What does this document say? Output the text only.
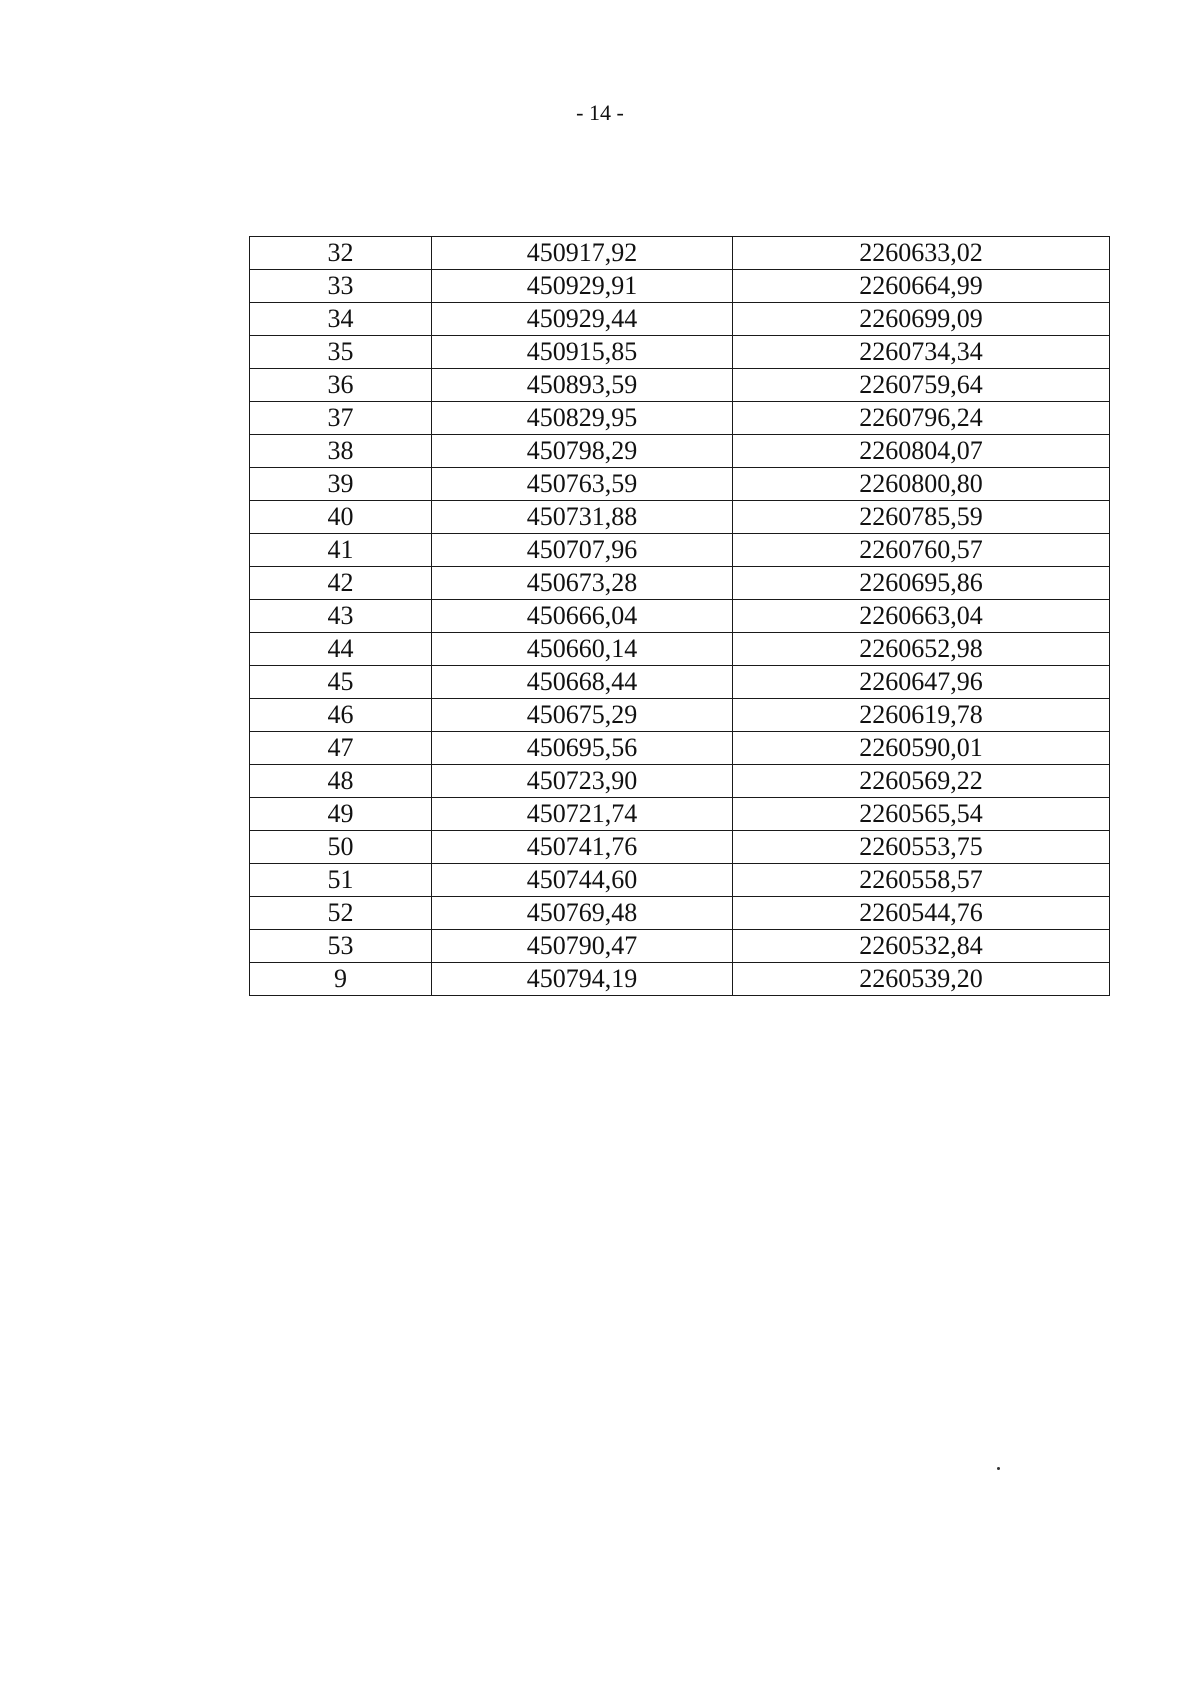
- 14 -
32	450917,92	2260633,02
33	450929,91	2260664,99
34	450929,44	2260699,09
35	450915,85	2260734,34
36	450893,59	2260759,64
37	450829,95	2260796,24
38	450798,29	2260804,07
39	450763,59	2260800,80
40	450731,88	2260785,59
41	450707,96	2260760,57
42	450673,28	2260695,86
43	450666,04	2260663,04
44	450660,14	2260652,98
45	450668,44	2260647,96
46	450675,29	2260619,78
47	450695,56	2260590,01
48	450723,90	2260569,22
49	450721,74	2260565,54
50	450741,76	2260553,75
51	450744,60	2260558,57
52	450769,48	2260544,76
53	450790,47	2260532,84
9	450794,19	2260539,20
